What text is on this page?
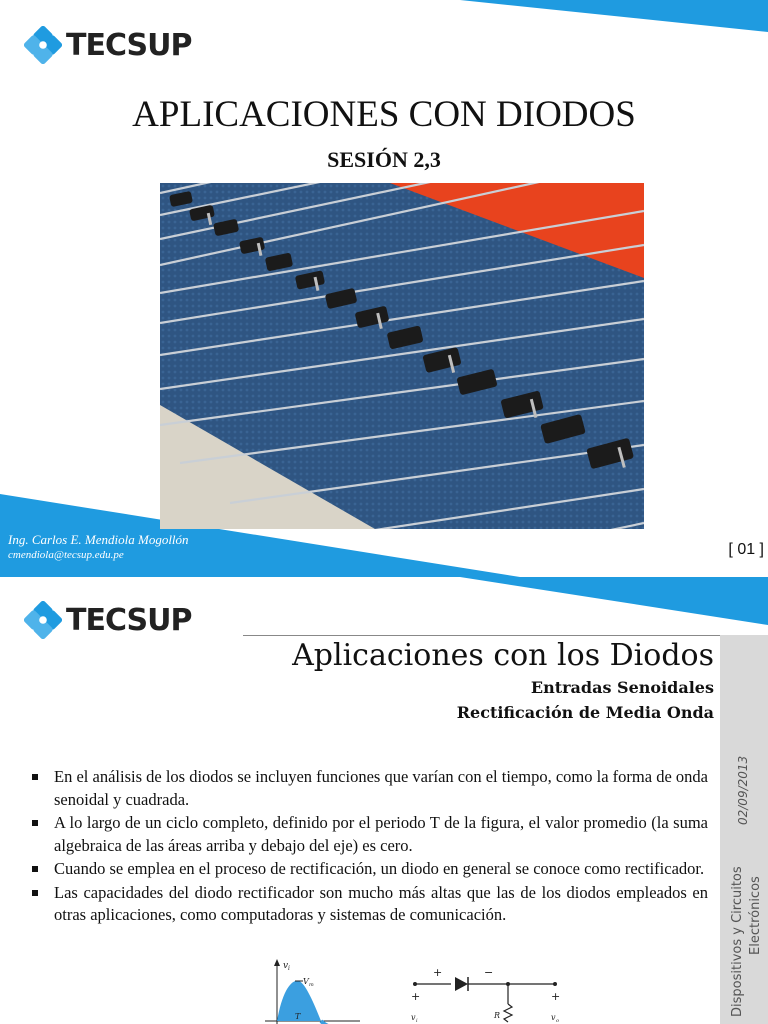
TECSUP
APLICACIONES CON DIODOS
SESIÓN 2,3
Ing. Carlos E. Mendiola Mogollón
cmendiola@tecsup.edu.pe	[ 01 ]
TECSUP
02/09/2013
Dispositivos y Circuitos Electrónicos
Aplicaciones con los Diodos
Entradas Senoidales
Rectificación de Media Onda
En el análisis de los diodos se incluyen funciones que varían con el tiempo, como la forma de onda senoidal y cuadrada.
A lo largo de un ciclo completo, definido por el periodo T de la figura, el valor promedio (la suma algebraica de las áreas arriba y debajo del eje) es cero.
Cuando se emplea en el proceso de rectificación, un diodo en general se conoce como rectificador.
Las capacidades del diodo rectificador son mucho más altas que las de los diodos empleados en otras aplicaciones, como computadoras y sistemas de comunicación.
v i
V m
T
+	−
+	+
v i
R	v o
